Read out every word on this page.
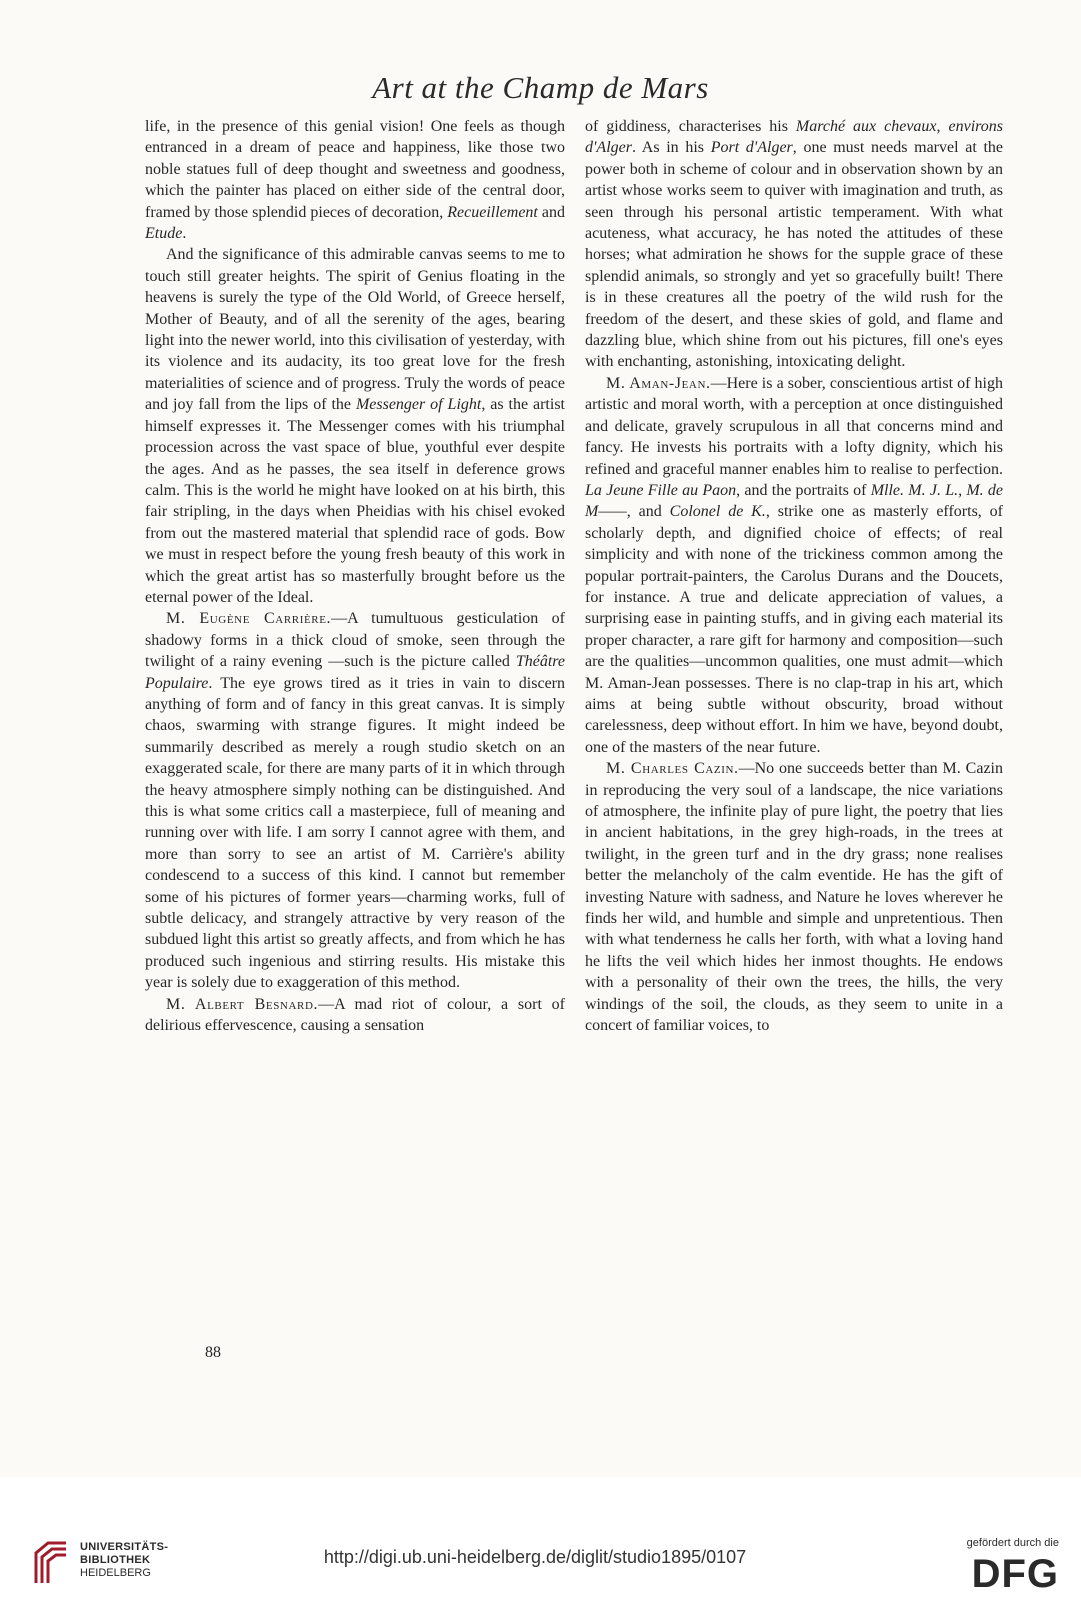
Art at the Champ de Mars

life, in the presence of this genial vision! One feels as though entranced in a dream of peace and happiness, like those two noble statues full of deep thought and sweetness and goodness, which the painter has placed on either side of the central door, framed by those splendid pieces of decoration, Recueillement and Etude.

And the significance of this admirable canvas seems to me to touch still greater heights. The spirit of Genius floating in the heavens is surely the type of the Old World, of Greece herself, Mother of Beauty, and of all the serenity of the ages, bearing light into the newer world, into this civilisation of yesterday, with its violence and its audacity, its too great love for the fresh materialities of science and of progress. Truly the words of peace and joy fall from the lips of the Messenger of Light, as the artist himself expresses it. The Messenger comes with his triumphal procession across the vast space of blue, youthful ever despite the ages. And as he passes, the sea itself in deference grows calm. This is the world he might have looked on at his birth, this fair stripling, in the days when Pheidias with his chisel evoked from out the mastered material that splendid race of gods. Bow we must in respect before the young fresh beauty of this work in which the great artist has so masterfully brought before us the eternal power of the Ideal.

M. Eugène Carrière.—A tumultuous gesticulation of shadowy forms in a thick cloud of smoke, seen through the twilight of a rainy evening —such is the picture called Théâtre Populaire. The eye grows tired as it tries in vain to discern anything of form and of fancy in this great canvas. It is simply chaos, swarming with strange figures. It might indeed be summarily described as merely a rough studio sketch on an exaggerated scale, for there are many parts of it in which through the heavy atmosphere simply nothing can be distinguished. And this is what some critics call a masterpiece, full of meaning and running over with life. I am sorry I cannot agree with them, and more than sorry to see an artist of M. Carrière's ability condescend to a success of this kind. I cannot but remember some of his pictures of former years—charming works, full of subtle delicacy, and strangely attractive by very reason of the subdued light this artist so greatly affects, and from which he has produced such ingenious and stirring results. His mistake this year is solely due to exaggeration of this method.

M. Albert Besnard.—A mad riot of colour, a sort of delirious effervescence, causing a sensation

88

of giddiness, characterises his Marché aux chevaux, environs d'Alger. As in his Port d'Alger, one must needs marvel at the power both in scheme of colour and in observation shown by an artist whose works seem to quiver with imagination and truth, as seen through his personal artistic temperament. With what acuteness, what accuracy, he has noted the attitudes of these horses; what admiration he shows for the supple grace of these splendid animals, so strongly and yet so gracefully built! There is in these creatures all the poetry of the wild rush for the freedom of the desert, and these skies of gold, and flame and dazzling blue, which shine from out his pictures, fill one's eyes with enchanting, astonishing, intoxicating delight.

M. Aman-Jean.—Here is a sober, conscientious artist of high artistic and moral worth, with a perception at once distinguished and delicate, gravely scrupulous in all that concerns mind and fancy. He invests his portraits with a lofty dignity, which his refined and graceful manner enables him to realise to perfection. La Jeune Fille au Paon, and the portraits of Mlle. M. J. L., M. de M——, and Colonel de K., strike one as masterly efforts, of scholarly depth, and dignified choice of effects; of real simplicity and with none of the trickiness common among the popular portrait-painters, the Carolus Durans and the Doucets, for instance. A true and delicate appreciation of values, a surprising ease in painting stuffs, and in giving each material its proper character, a rare gift for harmony and composition—such are the qualities—uncommon qualities, one must admit—which M. Aman-Jean possesses. There is no clap-trap in his art, which aims at being subtle without obscurity, broad without carelessness, deep without effort. In him we have, beyond doubt, one of the masters of the near future.

M. Charles Cazin.—No one succeeds better than M. Cazin in reproducing the very soul of a landscape, the nice variations of atmosphere, the infinite play of pure light, the poetry that lies in ancient habitations, in the grey high-roads, in the trees at twilight, in the green turf and in the dry grass; none realises better the melancholy of the calm eventide. He has the gift of investing Nature with sadness, and Nature he loves wherever he finds her wild, and humble and simple and unpretentious. Then with what tenderness he calls her forth, with what a loving hand he lifts the veil which hides her inmost thoughts. He endows with a personality of their own the trees, the hills, the very windings of the soil, the clouds, as they seem to unite in a concert of familiar voices, to

UNIVERSITÄTS-
BIBLIOTHEK
HEIDELBERG
http://digi.ub.uni-heidelberg.de/diglit/studio1895/0107
gefördert durch die
DFG
